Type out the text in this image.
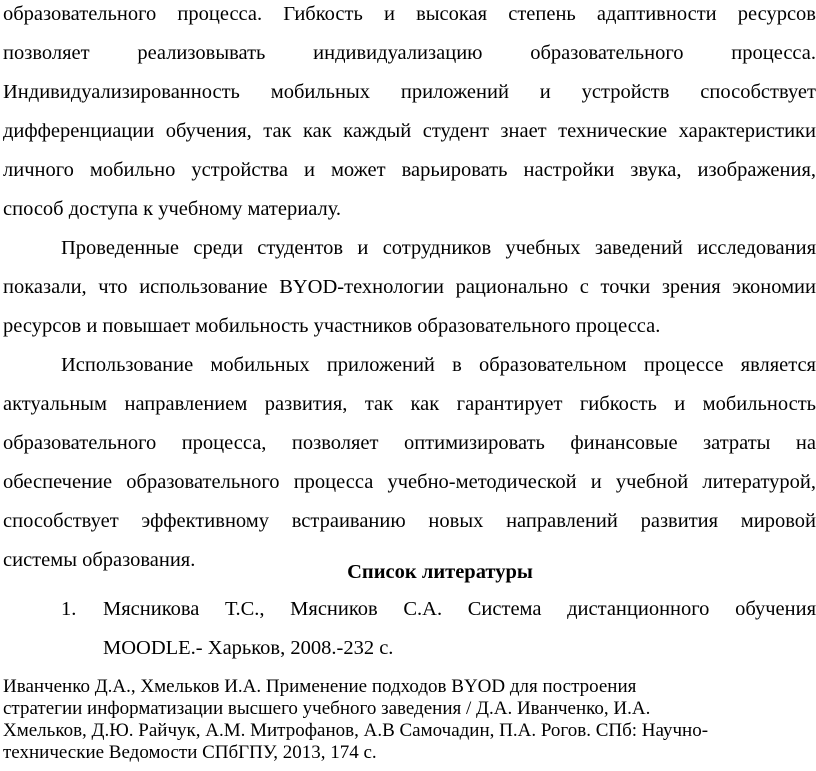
образовательного процесса. Гибкость и высокая степень адаптивности ресурсов
позволяет реализовывать индивидуализацию образовательного процесса.
Индивидуализированность мобильных приложений и устройств способствует
дифференциации обучения, так как каждый студент знает технические характеристики
личного мобильно устройства и может варьировать настройки звука, изображения,
способ доступа к учебному материалу.
Проведенные среди студентов и сотрудников учебных заведений исследования
показали, что использование BYOD-технологии рационально с точки зрения экономии
ресурсов и повышает мобильность участников образовательного процесса.
Использование мобильных приложений в образовательном процессе является
актуальным направлением развития, так как гарантирует гибкость и мобильность
образовательного процесса, позволяет оптимизировать финансовые затраты на
обеспечение образовательного процесса учебно-методической и учебной литературой,
способствует эффективному встраиванию новых направлений развития мировой
системы образования.
Список литературы
1. Мясникова Т.С., Мясников С.А. Система дистанционного обучения
MOODLE.- Харьков, 2008.-232 с.
Иванченко Д.А., Хмельков И.А. Применение подходов BYOD для построения
стратегии информатизации высшего учебного заведения / Д.А. Иванченко, И.А.
Хмельков, Д.Ю. Райчук, А.М. Митрофанов, А.В Самочадин, П.А. Рогов. СПб: Научно-
технические Ведомости СПбГПУ, 2013, 174 с.
